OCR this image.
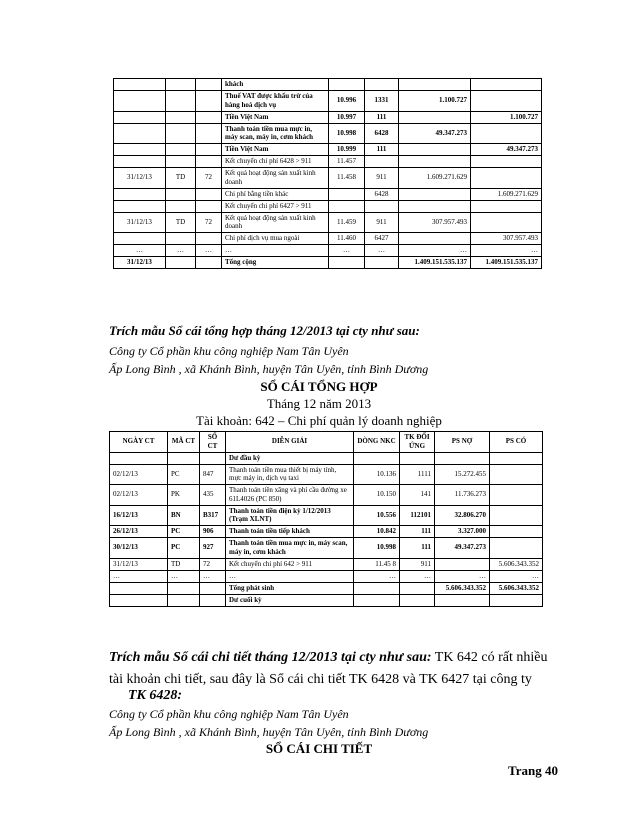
			khách				
			Thuế VAT được khấu trừ của hàng hoá dịch vụ	10.996	1331	1.100.727	
			Tiền Việt Nam	10.997	111		1.100.727
			Thanh toán tiền mua mực in, máy scan, máy in, cơm khách	10.998	6428	49.347.273	
			Tiền Việt Nam	10.999	111		49.347.273
			Kết chuyển chi phí 6428 > 911	11.457			
31/12/13	TD	72	Kết quả hoạt động sản xuất kinh doanh	11.458	911	1.609.271.629	
			Chi phí bằng tiền khác		6428		1.609.271.629
			Kết chuyển chi phí 6427 > 911				
31/12/13	TD	72	Kết quả hoạt động sản xuất kinh doanh	11.459	911	307.957.493	
			Chi phí dịch vụ mua ngoài	11.460	6427		307.957.493
…	…	…	…	…	…	…	…
31/12/13			Tổng cộng			1.409.151.535.137	1.409.151.535.137
Trích mẫu Sổ cái tổng hợp tháng 12/2013 tại cty như sau:
Công ty Cổ phần khu công nghiệp Nam Tân Uyên
Ấp Long Bình , xã Khánh Bình, huyện Tân Uyên, tỉnh Bình Dương
SỔ CÁI TỔNG HỢP
Tháng 12 năm 2013
Tài khoản: 642 – Chi phí quản lý doanh nghiệp
NGÀY CT	MÃ CT	SỐ CT	DIỄN GIẢI	DÒNG NKC	TK ĐỐI ỨNG	PS NỢ	PS CÓ
			Dư đầu kỳ				
02/12/13	PC	847	Thanh toán tiền mua thiết bị máy tính, mực máy in, dịch vụ taxi	10.136	1111	15.272.455	
02/12/13	PK	435	Thanh toán tiền xăng và phí cầu đường xe 61L4026 (PC 850)	10.150	141	11.736.273	
16/12/13	BN	B317	Thanh toán tiền điện kỳ 1/12/2013 (Trạm XLNT)	10.556	112101	32.806.270	
26/12/13	PC	906	Thanh toán tiền tiếp khách	10.842	111	3.327.000	
30/12/13	PC	927	Thanh toán tiền mua mực in, máy scan, máy in, cơm khách	10.998	111	49.347.273	
31/12/13	TD	72	Kết chuyển chi phí 642 > 911	11.45 8	911		5.606.343.352
…	…	…	…	…	…	…	…
			Tổng phát sinh			5.606.343.352	5.606.343.352
			Dư cuối kỳ				
Trích mẫu Sổ cái chi tiết tháng 12/2013 tại cty như sau: TK 642 có rất nhiều tài khoản chi tiết, sau đây là Sổ cái chi tiết TK 6428 và TK 6427 tại công ty
TK 6428:
Công ty Cổ phần khu công nghiệp Nam Tân Uyên
Ấp Long Bình , xã Khánh Bình, huyện Tân Uyên, tỉnh Bình Dương
SỔ CÁI CHI TIẾT
Trang 40
